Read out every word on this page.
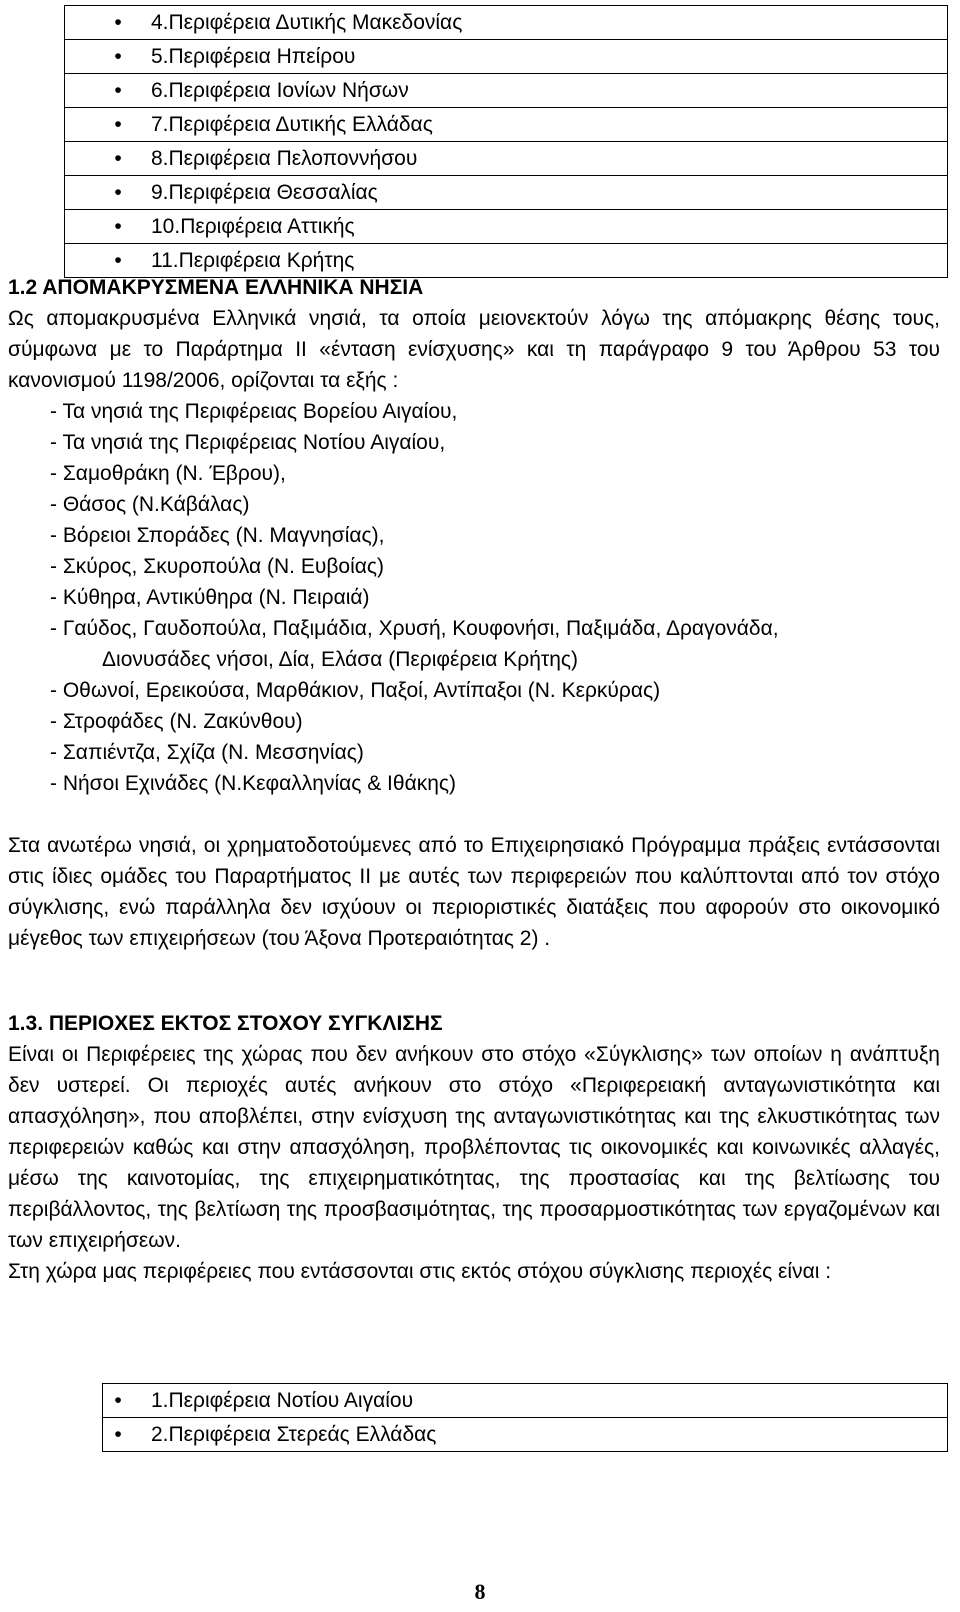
• 4.Περιφέρεια Δυτικής Μακεδονίας
• 5.Περιφέρεια Ηπείρου
• 6.Περιφέρεια Ιονίων Νήσων
• 7.Περιφέρεια Δυτικής Ελλάδας
• 8.Περιφέρεια Πελοποννήσου
• 9.Περιφέρεια Θεσσαλίας
• 10.Περιφέρεια Αττικής
• 11.Περιφέρεια Κρήτης

1.2 ΑΠΟΜΑΚΡΥΣΜΕΝΑ ΕΛΛΗΝΙΚΑ ΝΗΣΙΑ

Ως απομακρυσμένα Ελληνικά νησιά, τα οποία μειονεκτούν λόγω της απόμακρης θέσης τους, σύμφωνα με το Παράρτημα ΙΙ «ένταση ενίσχυσης» και τη παράγραφο 9 του Άρθρου 53 του κανονισμού 1198/2006, ορίζονται τα εξής :

- Τα νησιά της Περιφέρειας Βορείου Αιγαίου,
- Τα νησιά της Περιφέρειας Νοτίου Αιγαίου,
- Σαμοθράκη (Ν. Έβρου),
- Θάσος (Ν.Κάβάλας)
- Βόρειοι Σποράδες (Ν. Μαγνησίας),
- Σκύρος, Σκυροπούλα (Ν. Ευβοίας)
- Κύθηρα, Αντικύθηρα (Ν. Πειραιά)
- Γαύδος, Γαυδοπούλα, Παξιμάδια, Χρυσή, Κουφονήσι, Παξιμάδα, Δραγονάδα,
Διονυσάδες νήσοι, Δία, Ελάσα (Περιφέρεια Κρήτης)
- Οθωνοί, Ερεικούσα, Μαρθάκιον, Παξοί, Αντίπαξοι (Ν. Κερκύρας)
- Στροφάδες (Ν. Ζακύνθου)
- Σαπιέντζα, Σχίζα (Ν. Μεσσηνίας)
- Νήσοι Εχινάδες (Ν.Κεφαλληνίας & Ιθάκης)

Στα ανωτέρω νησιά, οι χρηματοδοτούμενες από το Επιχειρησιακό Πρόγραμμα πράξεις εντάσσονται στις ίδιες ομάδες του Παραρτήματος ΙΙ με αυτές των περιφερειών που καλύπτονται από τον στόχο σύγκλισης, ενώ παράλληλα δεν ισχύουν οι περιοριστικές διατάξεις που αφορούν στο οικονομικό μέγεθος των επιχειρήσεων (του Άξονα Προτεραιότητας 2) .

1.3. ΠΕΡΙΟΧΕΣ ΕΚΤΟΣ ΣΤΟΧΟΥ ΣΥΓΚΛΙΣΗΣ

Είναι οι Περιφέρειες της χώρας που δεν ανήκουν στο στόχο «Σύγκλισης» των οποίων η ανάπτυξη δεν υστερεί. Οι περιοχές αυτές ανήκουν στο στόχο «Περιφερειακή ανταγωνιστικότητα και απασχόληση», που αποβλέπει, στην ενίσχυση της ανταγωνιστικότητας και της ελκυστικότητας των περιφερειών καθώς και στην απασχόληση, προβλέποντας τις οικονομικές και κοινωνικές αλλαγές, μέσω της καινοτομίας, της επιχειρηματικότητας, της προστασίας και της βελτίωσης του περιβάλλοντος, της βελτίωση της προσβασιμότητας, της προσαρμοστικότητας των εργαζομένων και των επιχειρήσεων.

Στη χώρα μας περιφέρειες που εντάσσονται στις εκτός στόχου σύγκλισης περιοχές είναι :

• 1.Περιφέρεια Νοτίου Αιγαίου
• 2.Περιφέρεια Στερεάς Ελλάδας
8
